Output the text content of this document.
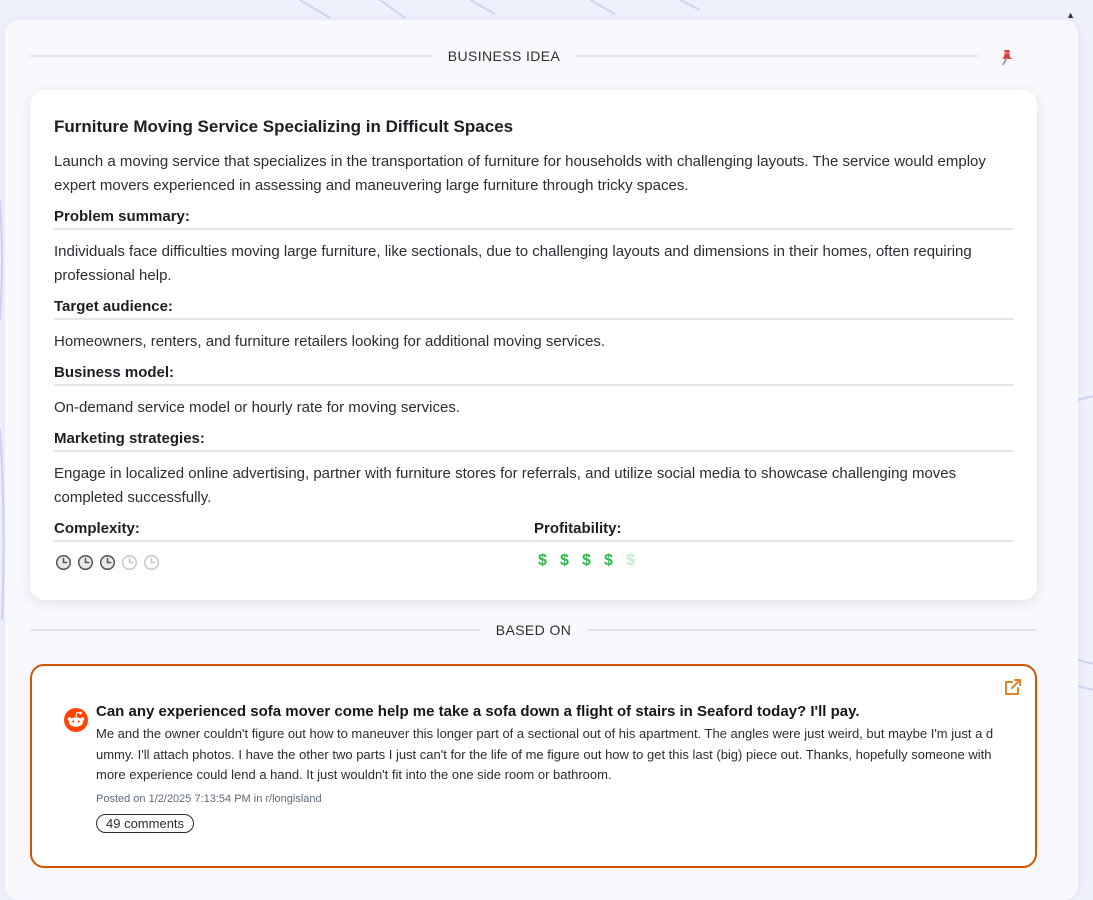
▲
BUSINESS IDEA
Furniture Moving Service Specializing in Difficult Spaces

Launch a moving service that specializes in the transportation of furniture for households with challenging layouts. The service would employ expert movers experienced in assessing and maneuvering large furniture through tricky spaces.

Problem summary:

Individuals face difficulties moving large furniture, like sectionals, due to challenging layouts and dimensions in their homes, often requiring professional help.

Target audience:

Homeowners, renters, and furniture retailers looking for additional moving services.

Business model:

On-demand service model or hourly rate for moving services.

Marketing strategies:

Engage in localized online advertising, partner with furniture stores for referrals, and utilize social media to showcase challenging moves completed successfully.

Complexity:	Profitability:
$ $ $ $ $
BASED ON

Can any experienced sofa mover come help me take a sofa down a flight of stairs in Seaford today? I'll pay.

Me and the owner couldn't figure out how to maneuver this longer part of a sectional out of his apartment. The angles were just weird, but maybe I'm just a dummy. I'll attach photos. I have the other two parts I just can't for the life of me figure out how to get this last (big) piece out. Thanks, hopefully someone with more experience could lend a hand. It just wouldn't fit into the one side room or bathroom.

Posted on 1/2/2025 7:13:54 PM in r/longisland
49 comments
